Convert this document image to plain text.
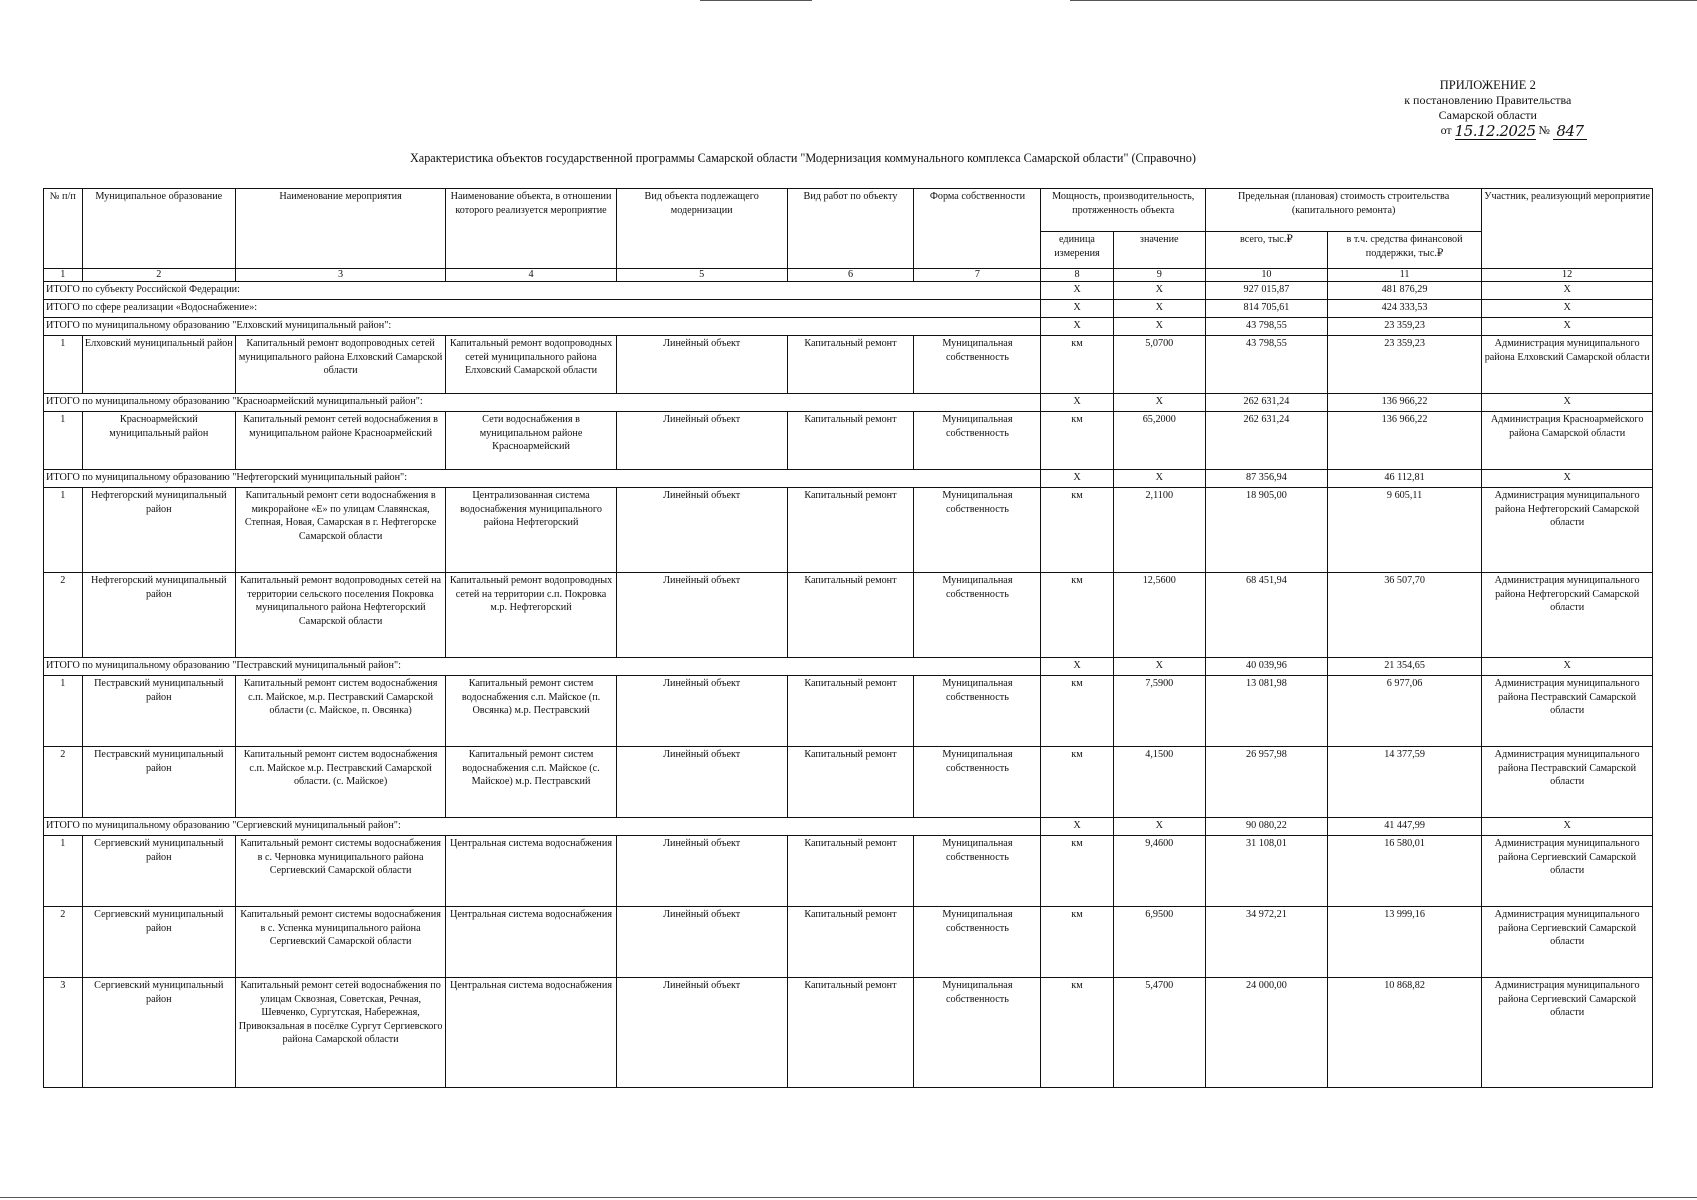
ПРИЛОЖЕНИЕ 2
к постановлению Правительства
Самарской области
от 15.12.2025 № 847
Характеристика объектов государственной программы Самарской области "Модернизация коммунального комплекса Самарской области" (Справочно)
№ п/п	Муниципальное образование	Наименование мероприятия	Наименование объекта, в отношении которого реализуется мероприятие	Вид объекта подлежащего модернизации	Вид работ по объекту	Форма собственности	Мощность, производительность, протяженность объекта		Предельная (плановая) стоимость строительства (капитального ремонта)		Участник, реализующий мероприятие
							единица измерения	значение	всего, тыс.₽	в т.ч. средства финансовой поддержки, тыс.₽	
1	2	3	4	5	6	7	8	9	10	11	12
ИТОГО по субъекту Российской Федерации:							Х	Х	927 015,87	481 876,29	Х
ИТОГО по сфере реализации «Водоснабжение»:							Х	Х	814 705,61	424 333,53	Х
ИТОГО по муниципальному образованию "Елховский муниципальный район":							Х	Х	43 798,55	23 359,23	Х
1	Елховский муниципальный район	Капитальный ремонт водопроводных сетей муниципального района Елховский Самарской области	Капитальный ремонт водопроводных сетей муниципального района Елховский Самарской области	Линейный объект	Капитальный ремонт	Муниципальная собственность	км	5,0700	43 798,55	23 359,23	Администрация муниципального района Елховский Самарской области
ИТОГО по муниципальному образованию "Красноармейский муниципальный район":							Х	Х	262 631,24	136 966,22	Х
1	Красноармейский муниципальный район	Капитальный ремонт сетей водоснабжения в муниципальном районе Красноармейский	Сети водоснабжения в муниципальном районе Красноармейский	Линейный объект	Капитальный ремонт	Муниципальная собственность	км	65,2000	262 631,24	136 966,22	Администрация Красноармейского района Самарской области
ИТОГО по муниципальному образованию "Нефтегорский муниципальный район":							Х	Х	87 356,94	46 112,81	Х
1	Нефтегорский муниципальный район	Капитальный ремонт сети водоснабжения в микрорайоне «Е» по улицам Славянская, Степная, Новая, Самарская в г. Нефтегорске Самарской области	Централизованная система водоснабжения муниципального района Нефтегорский	Линейный объект	Капитальный ремонт	Муниципальная собственность	км	2,1100	18 905,00	9 605,11	Администрация муниципального района Нефтегорский Самарской области
2	Нефтегорский муниципальный район	Капитальный ремонт водопроводных сетей на территории сельского поселения Покровка муниципального района Нефтегорский Самарской области	Капитальный ремонт водопроводных сетей на территории с.п. Покровка м.р. Нефтегорский	Линейный объект	Капитальный ремонт	Муниципальная собственность	км	12,5600	68 451,94	36 507,70	Администрация муниципального района Нефтегорский Самарской области
ИТОГО по муниципальному образованию "Пестравский муниципальный район":							Х	Х	40 039,96	21 354,65	Х
1	Пестравский муниципальный район	Капитальный ремонт систем водоснабжения с.п. Майское, м.р. Пестравский Самарской области (с. Майское, п. Овсянка)	Капитальный ремонт систем водоснабжения с.п. Майское (п. Овсянка) м.р. Пестравский	Линейный объект	Капитальный ремонт	Муниципальная собственность	км	7,5900	13 081,98	6 977,06	Администрация муниципального района Пестравский Самарской области
2	Пестравский муниципальный район	Капитальный ремонт систем водоснабжения с.п. Майское м.р. Пестравский Самарской области. (с. Майское)	Капитальный ремонт систем водоснабжения с.п. Майское (с. Майское) м.р. Пестравский	Линейный объект	Капитальный ремонт	Муниципальная собственность	км	4,1500	26 957,98	14 377,59	Администрация муниципального района Пестравский Самарской области
ИТОГО по муниципальному образованию "Сергиевский муниципальный район":							Х	Х	90 080,22	41 447,99	Х
1	Сергиевский муниципальный район	Капитальный ремонт системы водоснабжения в с. Черновка муниципального района Сергиевский Самарской области	Центральная система водоснабжения	Линейный объект	Капитальный ремонт	Муниципальная собственность	км	9,4600	31 108,01	16 580,01	Администрация муниципального района Сергиевский Самарской области
2	Сергиевский муниципальный район	Капитальный ремонт системы водоснабжения в с. Успенка муниципального района Сергиевский Самарской области	Центральная система водоснабжения	Линейный объект	Капитальный ремонт	Муниципальная собственность	км	6,9500	34 972,21	13 999,16	Администрация муниципального района Сергиевский Самарской области
3	Сергиевский муниципальный район	Капитальный ремонт сетей водоснабжения по улицам Сквозная, Советская, Речная, Шевченко, Сургутская, Набережная, Привокзальная в посёлке Сургут Сергиевского района Самарской области	Центральная система водоснабжения	Линейный объект	Капитальный ремонт	Муниципальная собственность	км	5,4700	24 000,00	10 868,82	Администрация муниципального района Сергиевский Самарской области
